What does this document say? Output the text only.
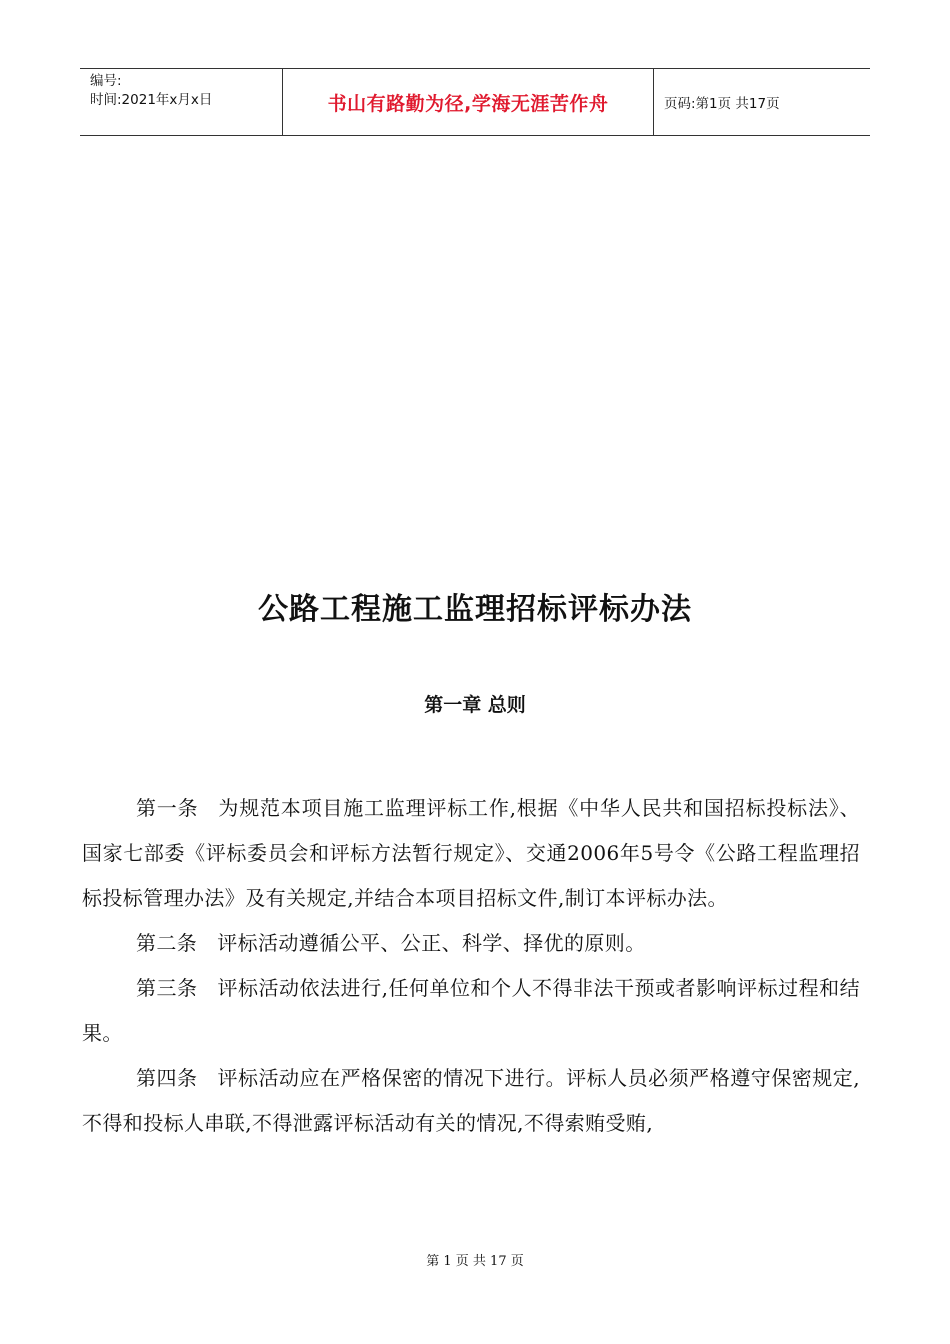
编号:
时间:2021年x月x日	书山有路勤为径,学海无涯苦作舟	页码:第1页 共17页
公路工程施工监理招标评标办法
第一章 总则

第一条 为规范本项目施工监理评标工作,根据《中华人民共和国招标投标法》、国家七部委《评标委员会和评标方法暂行规定》、交通2006年5号令《公路工程监理招标投标管理办法》及有关规定,并结合本项目招标文件,制订本评标办法。

第二条 评标活动遵循公平、公正、科学、择优的原则。

第三条 评标活动依法进行,任何单位和个人不得非法干预或者影响评标过程和结果。

第四条 评标活动应在严格保密的情况下进行。评标人员必须严格遵守保密规定,不得和投标人串联,不得泄露评标活动有关的情况,不得索贿受贿,

第 1 页 共 17 页
